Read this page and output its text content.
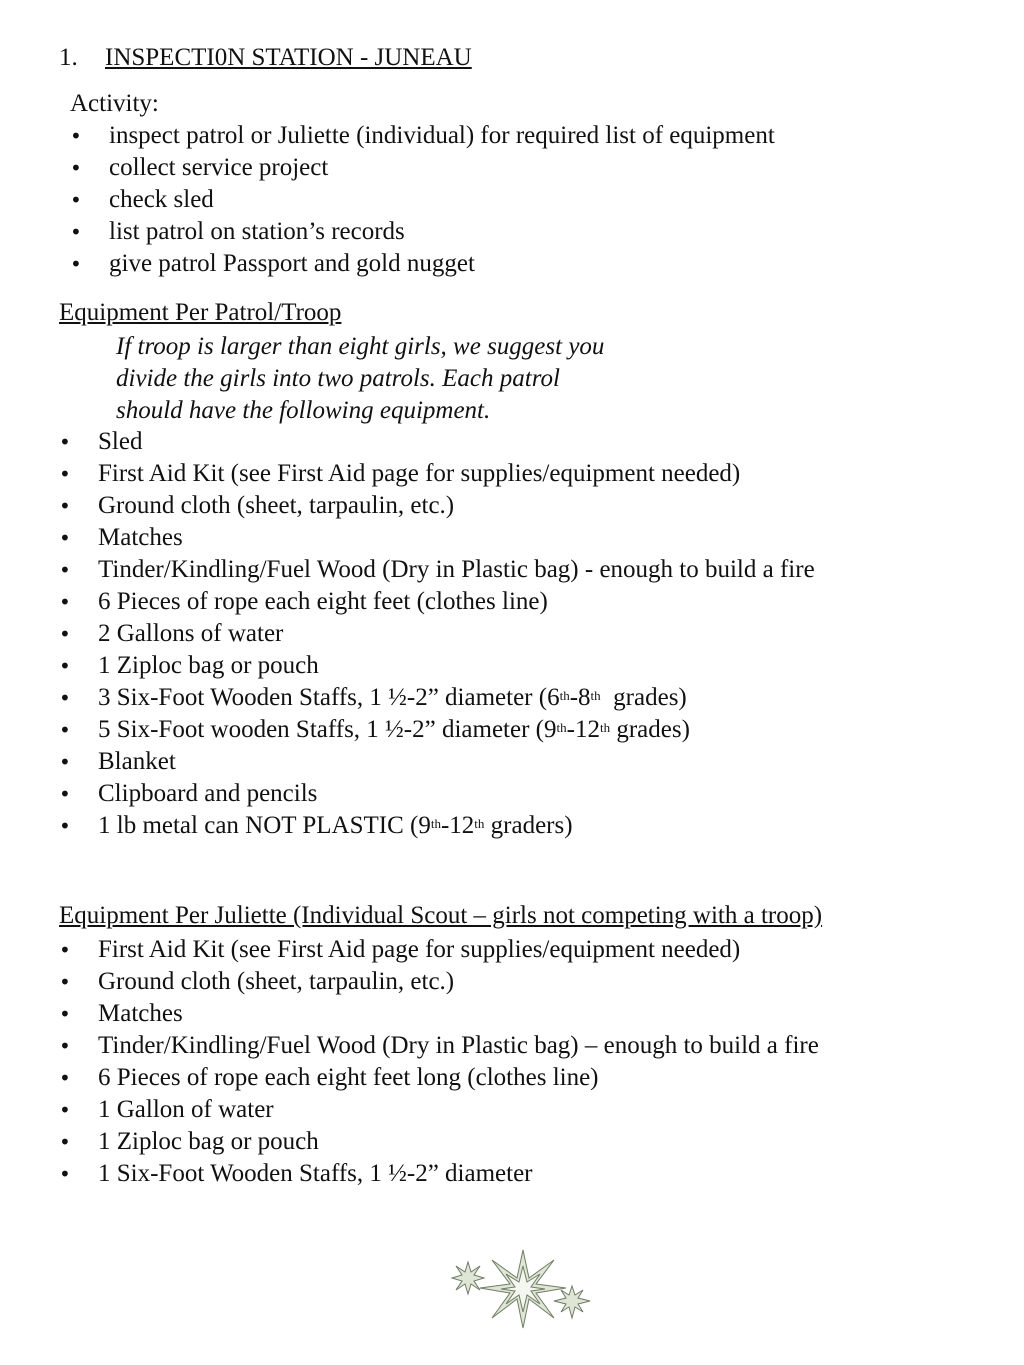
1. INSPECTI0N STATION - JUNEAU
Activity:
• inspect patrol or Juliette (individual) for required list of equipment
• collect service project
• check sled
• list patrol on station’s records
• give patrol Passport and gold nugget
Equipment Per Patrol/Troop
If troop is larger than eight girls, we suggest you
divide the girls into two patrols. Each patrol
should have the following equipment.
• Sled
• First Aid Kit (see First Aid page for supplies/equipment needed)
• Ground cloth (sheet, tarpaulin, etc.)
• Matches
• Tinder/Kindling/Fuel Wood (Dry in Plastic bag) - enough to build a fire
• 6 Pieces of rope each eight feet (clothes line)
• 2 Gallons of water
• 1 Ziploc bag or pouch
• 3 Six-Foot Wooden Staffs, 1 ½-2” diameter (6th-8th  grades)
• 5 Six-Foot wooden Staffs, 1 ½-2” diameter (9th-12th grades)
• Blanket
• Clipboard and pencils
• 1 lb metal can NOT PLASTIC (9th-12th graders)
Equipment Per Juliette (Individual Scout – girls not competing with a troop)
• First Aid Kit (see First Aid page for supplies/equipment needed)
• Ground cloth (sheet, tarpaulin, etc.)
• Matches
• Tinder/Kindling/Fuel Wood (Dry in Plastic bag) – enough to build a fire
• 6 Pieces of rope each eight feet long (clothes line)
• 1 Gallon of water
• 1 Ziploc bag or pouch
• 1 Six-Foot Wooden Staffs, 1 ½-2” diameter
